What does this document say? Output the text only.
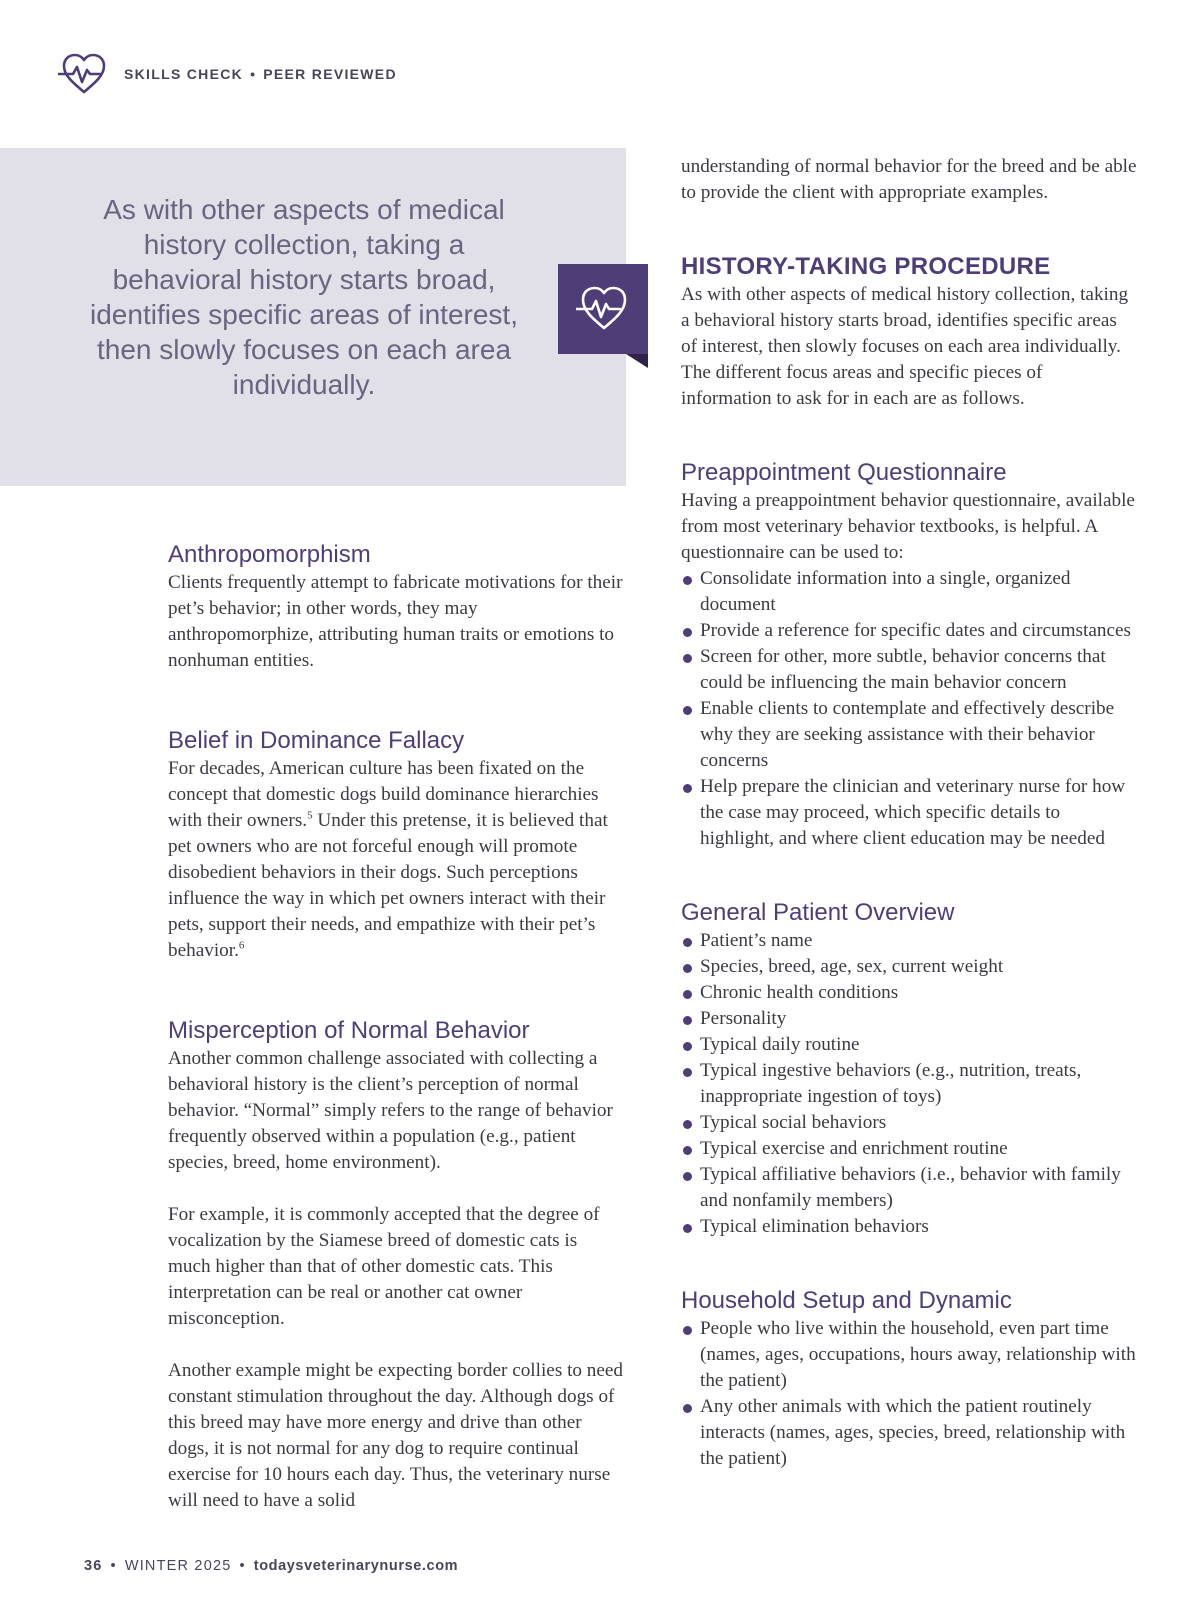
SKILLS CHECK • PEER REVIEWED
As with other aspects of medical history collection, taking a behavioral history starts broad, identifies specific areas of interest, then slowly focuses on each area individually.
Anthropomorphism

Clients frequently attempt to fabricate motivations for their pet’s behavior; in other words, they may anthropomorphize, attributing human traits or emotions to nonhuman entities.

Belief in Dominance Fallacy

For decades, American culture has been fixated on the concept that domestic dogs build dominance hierarchies with their owners.$^5$ Under this pretense, it is believed that pet owners who are not forceful enough will promote disobedient behaviors in their dogs. Such perceptions influence the way in which pet owners interact with their pets, support their needs, and empathize with their pet’s behavior.$^6$

Misperception of Normal Behavior

Another common challenge associated with collecting a behavioral history is the client’s perception of normal behavior. “Normal” simply refers to the range of behavior frequently observed within a population (e.g., patient species, breed, home environment).

For example, it is commonly accepted that the degree of vocalization by the Siamese breed of domestic cats is much higher than that of other domestic cats. This interpretation can be real or another cat owner misconception.

Another example might be expecting border collies to need constant stimulation throughout the day. Although dogs of this breed may have more energy and drive than other dogs, it is not normal for any dog to require continual exercise for 10 hours each day. Thus, the veterinary nurse will need to have a solid

understanding of normal behavior for the breed and be able to provide the client with appropriate examples.

HISTORY-TAKING PROCEDURE

As with other aspects of medical history collection, taking a behavioral history starts broad, identifies specific areas of interest, then slowly focuses on each area individually. The different focus areas and specific pieces of information to ask for in each are as follows.

Preappointment Questionnaire

Having a preappointment behavior questionnaire, available from most veterinary behavior textbooks, is helpful. A questionnaire can be used to:

Consolidate information into a single, organized document
Provide a reference for specific dates and circumstances
Screen for other, more subtle, behavior concerns that could be influencing the main behavior concern
Enable clients to contemplate and effectively describe why they are seeking assistance with their behavior concerns
Help prepare the clinician and veterinary nurse for how the case may proceed, which specific details to highlight, and where client education may be needed
General Patient Overview
Patient’s name
Species, breed, age, sex, current weight
Chronic health conditions
Personality
Typical daily routine
Typical ingestive behaviors (e.g., nutrition, treats, inappropriate ingestion of toys)
Typical social behaviors
Typical exercise and enrichment routine
Typical affiliative behaviors (i.e., behavior with family and nonfamily members)
Typical elimination behaviors
Household Setup and Dynamic
People who live within the household, even part time (names, ages, occupations, hours away, relationship with the patient)
Any other animals with which the patient routinely interacts (names, ages, species, breed, relationship with the patient)
36 • WINTER 2025 • todaysveterinarynurse.com
